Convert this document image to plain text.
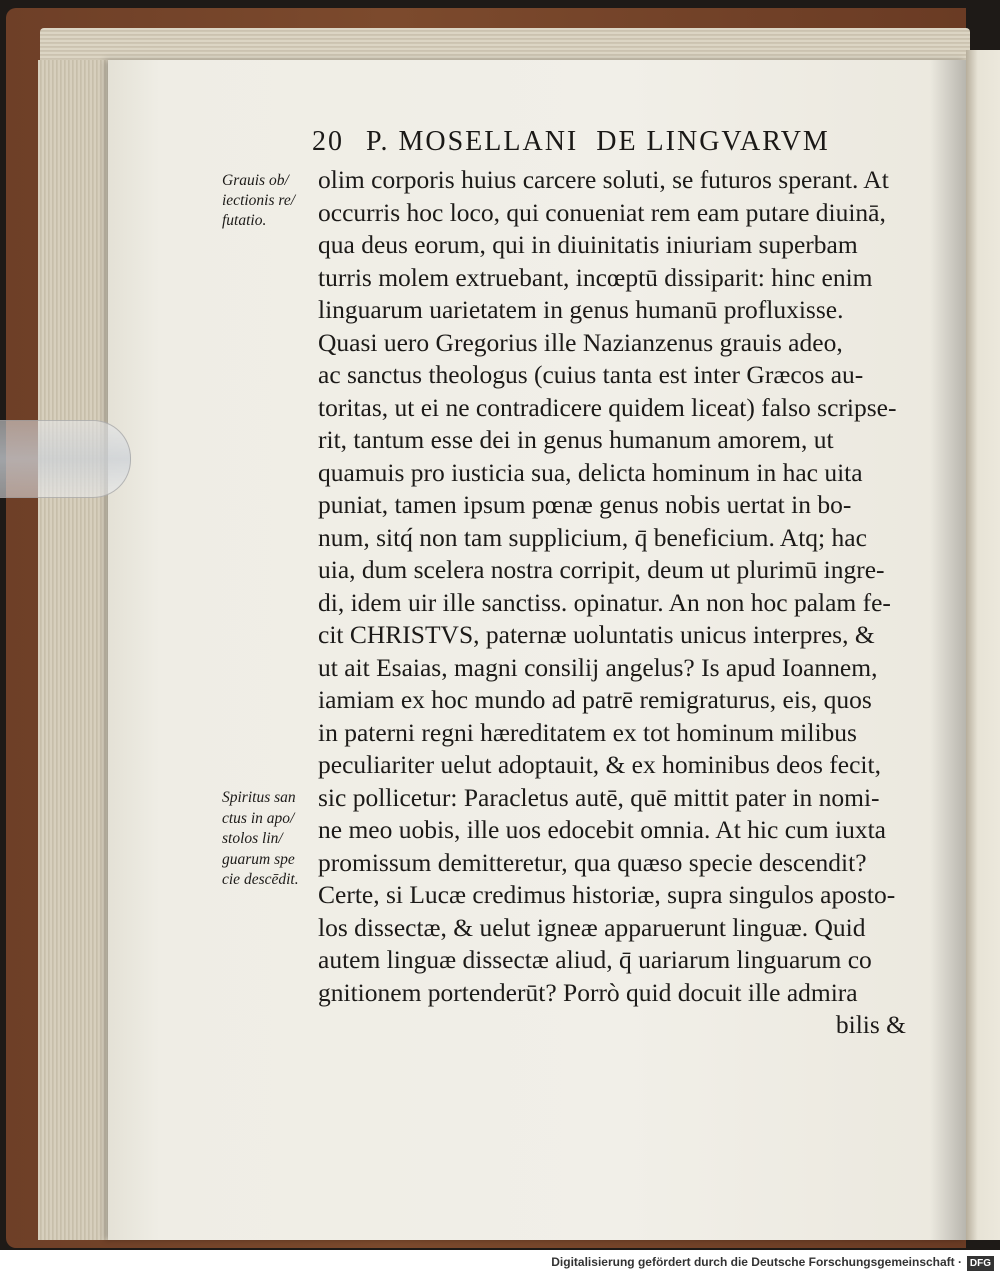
20 P. MOSELLANI  DE LINGVARVM
Grauis ob/
iectionis re/
futatio.
Spiritus san
ctus in apo/
stolos lin/
guarum spe
cie descēdit.
olim corporis huius carcere soluti, se futuros sperant. At
occurris hoc loco, qui conueniat rem eam putare diuinā,
qua deus eorum, qui in diuinitatis iniuriam superbam
turris molem extruebant, incœptū dissiparit: hinc enim
linguarum uarietatem in genus humanū profluxisse.
Quasi uero Gregorius ille Nazianzenus grauis adeo,
ac sanctus theologus (cuius tanta est inter Græcos au-
toritas, ut ei ne contradicere quidem liceat) falso scripse-
rit, tantum esse dei in genus humanum amorem, ut
quamuis pro iusticia sua, delicta hominum in hac uita
puniat, tamen ipsum pœnæ genus nobis uertat in bo-
num, sitq́ non tam supplicium, q̄ beneficium. Atq; hac
uia, dum scelera nostra corripit, deum ut plurimū ingre-
di, idem uir ille sanctiss. opinatur. An non hoc palam fe-
cit CHRISTVS, paternæ uoluntatis unicus interpres, &
ut ait Esaias, magni consilij angelus? Is apud Ioannem,
iamiam ex hoc mundo ad patrē remigraturus, eis, quos
in paterni regni hæreditatem ex tot hominum milibus
peculiariter uelut adoptauit, & ex hominibus deos fecit,
sic pollicetur: Paracletus autē, quē mittit pater in nomi-
ne meo uobis, ille uos edocebit omnia. At hic cum iuxta
promissum demitteretur, qua quæso specie descendit?
Certe, si Lucæ credimus historiæ, supra singulos aposto-
los dissectæ, & uelut igneæ apparuerunt linguæ. Quid
autem linguæ dissectæ aliud, q̄ uariarum linguarum co
gnitionem portenderūt? Porrò quid docuit ille admira
bilis &
Digitalisierung gefördert durch die Deutsche Forschungsgemeinschaft · DFG
